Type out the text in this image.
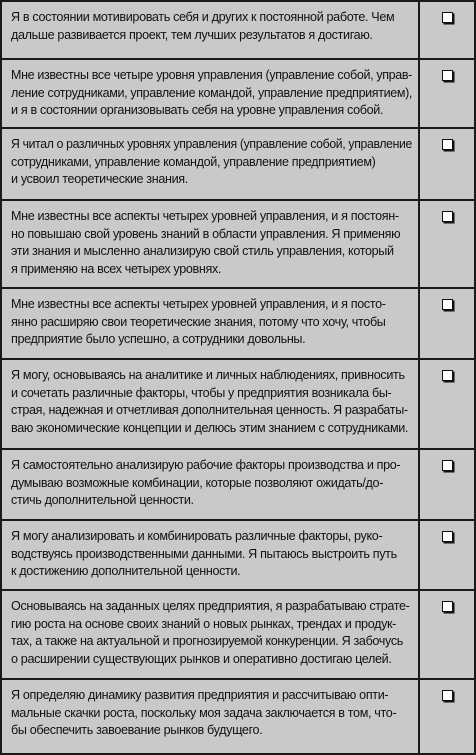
Я в состоянии мотивировать себя и других к постоянной работе. Чем
дальше развивается проект, тем лучших результатов я достигаю.
Мне известны все четыре уровня управления (управление собой, управ-
ление сотрудниками, управление командой, управление предприятием),
и я в состоянии организовывать себя на уровне управления собой.
Я читал о различных уровнях управления (управление собой, управление
сотрудниками, управление командой, управление предприятием)
и усвоил теоретические знания.
Мне известны все аспекты четырех уровней управления, и я постоян-
но повышаю свой уровень знаний в области управления. Я применяю
эти знания и мысленно анализирую свой стиль управления, который
я применяю на всех четырех уровнях.
Мне известны все аспекты четырех уровней управления, и я посто-
янно расширяю свои теоретические знания, потому что хочу, чтобы
предприятие было успешно, а сотрудники довольны.
Я могу, основываясь на аналитике и личных наблюдениях, привносить
и сочетать различные факторы, чтобы у предприятия возникала бы-
страя, надежная и отчетливая дополнительная ценность. Я разрабаты-
ваю экономические концепции и делюсь этим знанием с сотрудниками.
Я самостоятельно анализирую рабочие факторы производства и про-
думываю возможные комбинации, которые позволяют ожидать/до-
стичь дополнительной ценности.
Я могу анализировать и комбинировать различные факторы, руко-
водствуясь производственными данными. Я пытаюсь выстроить путь
к достижению дополнительной ценности.
Основываясь на заданных целях предприятия, я разрабатываю страте-
гию роста на основе своих знаний о новых рынках, трендах и продук-
тах, а также на актуальной и прогнозируемой конкуренции. Я забочусь
о расширении существующих рынков и оперативно достигаю целей.
Я определяю динамику развития предприятия и рассчитываю опти-
мальные скачки роста, поскольку моя задача заключается в том, что-
бы обеспечить завоевание рынков будущего.
